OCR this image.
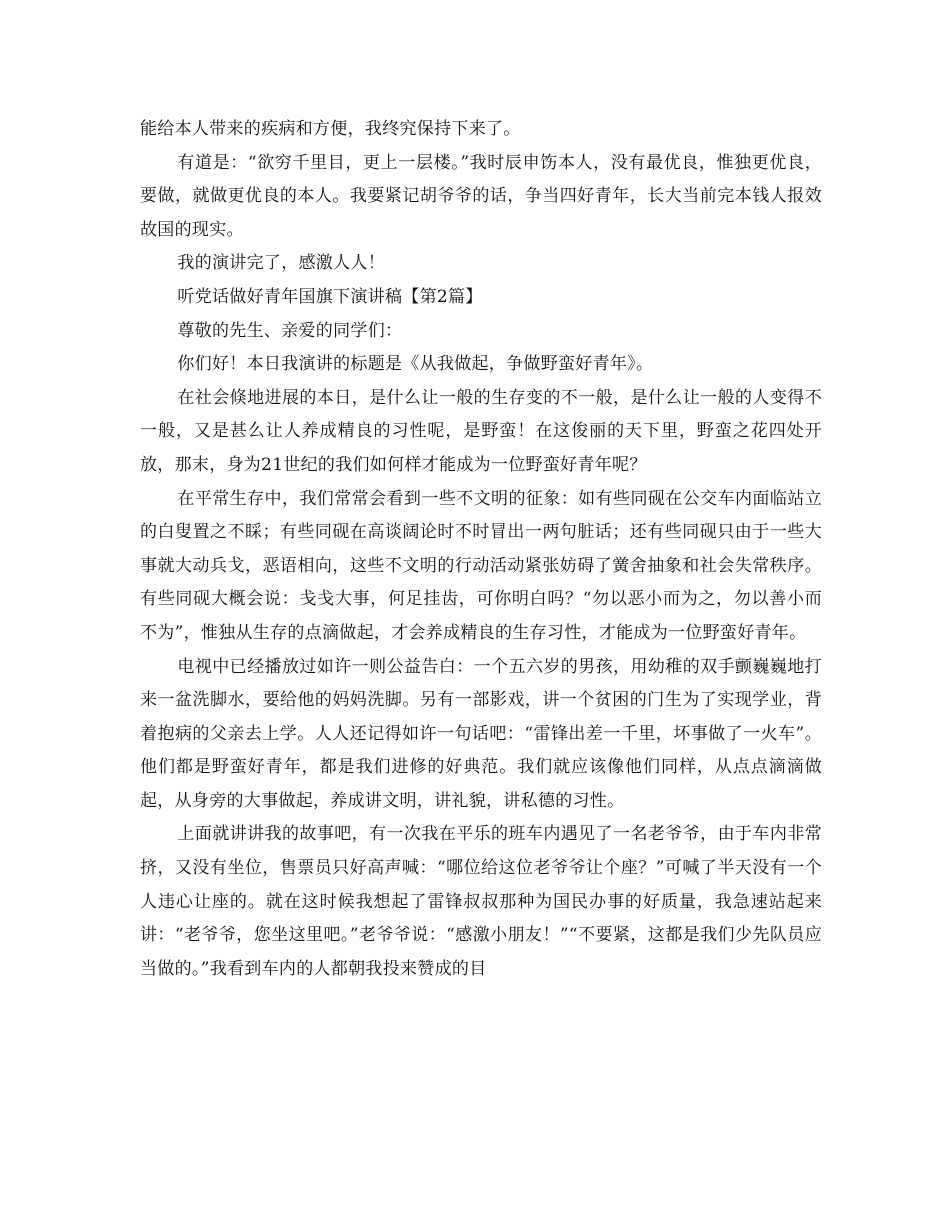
能给本人带来的疾病和方便，我终究保持下来了。

有道是：“欲穷千里目，更上一层楼。”我时辰申饬本人，没有最优良，惟独更优良，要做，就做更优良的本人。我要紧记胡爷爷的话，争当四好青年，长大当前完本钱人报效故国的现实。

我的演讲完了，感激人人！

听党话做好青年国旗下演讲稿【第2篇】

尊敬的先生、亲爱的同学们：

你们好！本日我演讲的标题是《从我做起，争做野蛮好青年》。

在社会倏地进展的本日，是什么让一般的生存变的不一般，是什么让一般的人变得不一般，又是甚么让人养成精良的习性呢，是野蛮！在这俊丽的天下里，野蛮之花四处开放，那末，身为21世纪的我们如何样才能成为一位野蛮好青年呢？

在平常生存中，我们常常会看到一些不文明的征象：如有些同砚在公交车内面临站立的白叟置之不睬；有些同砚在高谈阔论时不时冒出一两句脏话；还有些同砚只由于一些大事就大动兵戈，恶语相向，这些不文明的行动活动紧张妨碍了黉舍抽象和社会失常秩序。有些同砚大概会说：戋戋大事，何足挂齿，可你明白吗？“勿以恶小而为之，勿以善小而不为”，惟独从生存的点滴做起，才会养成精良的生存习性，才能成为一位野蛮好青年。

电视中已经播放过如许一则公益告白：一个五六岁的男孩，用幼稚的双手颤巍巍地打来一盆洗脚水，要给他的妈妈洗脚。另有一部影戏，讲一个贫困的门生为了实现学业，背着抱病的父亲去上学。人人还记得如许一句话吧：“雷锋出差一千里，坏事做了一火车”。他们都是野蛮好青年，都是我们进修的好典范。我们就应该像他们同样，从点点滴滴做起，从身旁的大事做起，养成讲文明，讲礼貌，讲私德的习性。

上面就讲讲我的故事吧，有一次我在平乐的班车内遇见了一名老爷爷，由于车内非常挤，又没有坐位，售票员只好高声喊：“哪位给这位老爷爷让个座？”可喊了半天没有一个人违心让座的。就在这时候我想起了雷锋叔叔那种为国民办事的好质量，我急速站起来讲：“老爷爷，您坐这里吧。”老爷爷说：“感激小朋友！”“不要紧，这都是我们少先队员应当做的。”我看到车内的人都朝我投来赞成的目
